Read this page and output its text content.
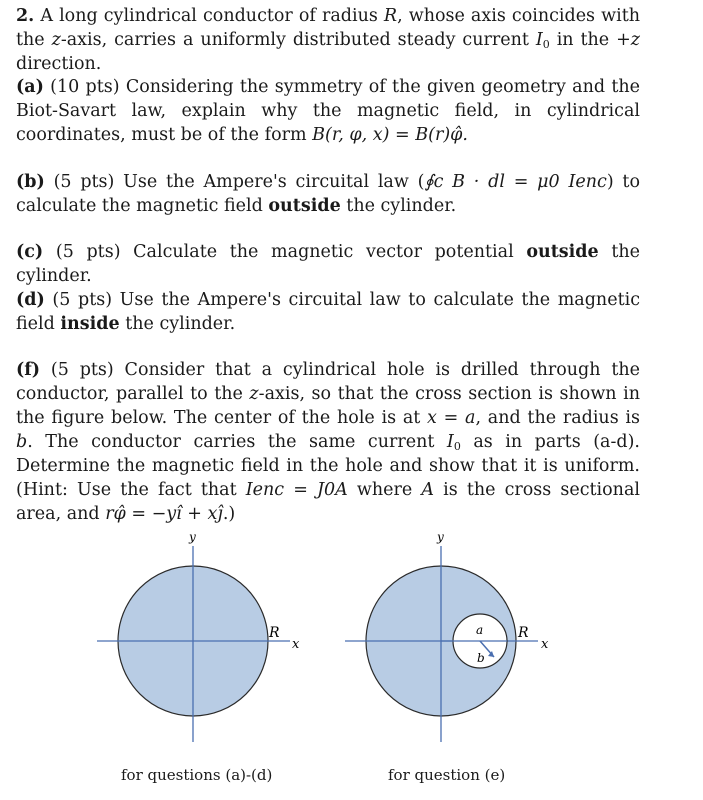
2. A long cylindrical conductor of radius R, whose axis coincides with the z-axis, carries a uniformly distributed steady current $I_0$ in the +z direction.
(a) (10 pts) Considering the symmetry of the given geometry and the Biot-Savart law, explain why the magnetic field, in cylindrical coordinates, must be of the form B(r, φ, x) = B(r)φ̂.
(b) (5 pts) Use the Ampere's circuital law (∮c B · dl = μ0 Ienc) to calculate the magnetic field outside the cylinder.
(c) (5 pts) Calculate the magnetic vector potential outside the cylinder.
(d) (5 pts) Use the Ampere's circuital law to calculate the magnetic field inside the cylinder.
(f) (5 pts) Consider that a cylindrical hole is drilled through the conductor, parallel to the z-axis, so that the cross section is shown in the figure below. The center of the hole is at x = a, and the radius is b. The conductor carries the same current $I_0$ as in parts (a-d). Determine the magnetic field in the hole and show that it is uniform. (Hint: Use the fact that Ienc = J0A where A is the cross sectional area, and rφ̂ = −yî + xĵ.)
y
R
x
y
a
b
R
x
for questions (a)-(d)	for question (e)
